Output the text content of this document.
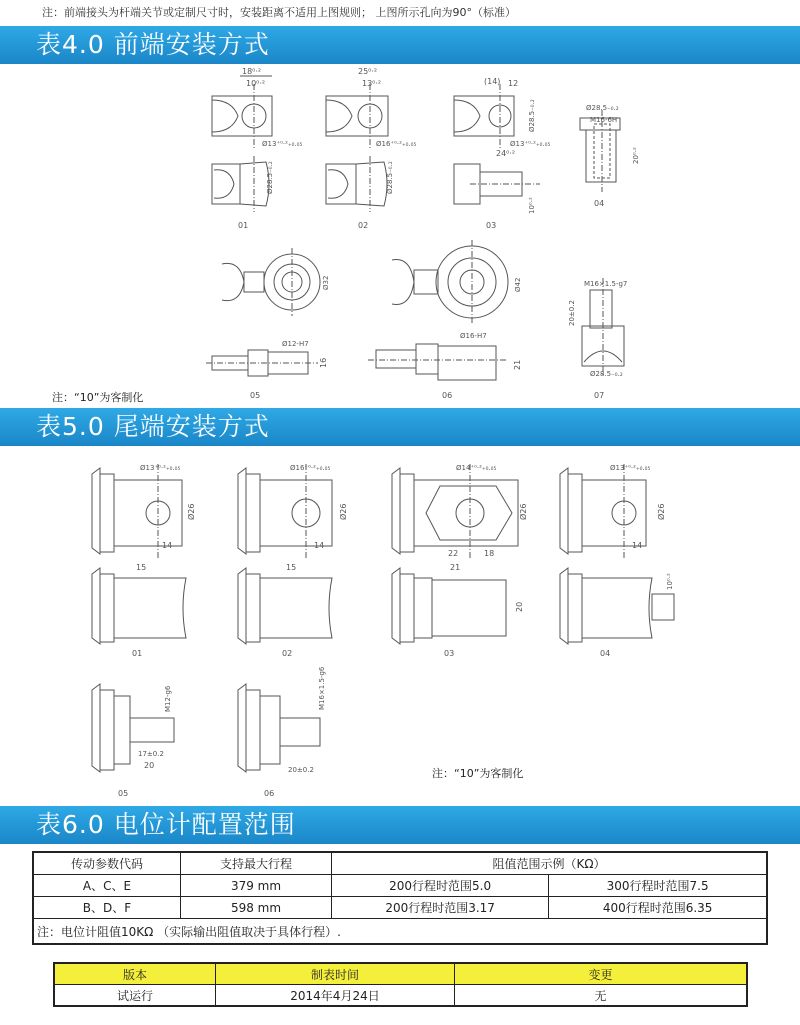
注：前端接头为杆端关节或定制尺寸时，安装距离不适用上图规则； 上图所示孔向为90°（标准）
表4.0 前端安装方式
18⁰·²
10⁰·²
Ø13⁺⁰·²₊₀.₀₅
Ø28.5₋₀.₂
25⁰·²
13⁰·²
Ø16⁺⁰·²₊₀.₀₅
Ø28.5₋₀.₂
(14) 12
Ø28.5₋₀.₂
Ø13⁺⁰·²₊₀.₀₅
24⁰·²
10⁰·²
Ø28.5₋₀.₂
M16-6H
20⁰·²
Ø32
Ø12-H7
16
Ø42
Ø16-H7
21
M16×1.5-g7
20±0.2
Ø28.5₋₀.₂
01	02	03
04
05	06	07
注：“10”为客制化
表5.0 尾端安装方式
Ø13⁺⁰·²₊₀.₀₅
Ø26
14
Ø16⁺⁰·²₊₀.₀₅
Ø26
14
Ø14⁺⁰·²₊₀.₀₅
Ø26
22	18
Ø13⁺⁰·²₊₀.₀₅
Ø26
14
15	15	21
20
10⁰·²
M12-g6
17±0.2
20
M16×1.5-g6
20±0.2
01	02	03	04
05	06
注：“10”为客制化
表6.0 电位计配置范围
传动参数代码	支持最大行程	阻值范围示例（KΩ）	
A、C、E	379 mm	200行程时范围5.0	300行程时范围7.5
B、D、F	598 mm	200行程时范围3.17	400行程时范围6.35
注：电位计阻值10KΩ （实际输出阻值取决于具体行程）.			
版本	制表时间	变更
试运行	2014年4月24日	无
